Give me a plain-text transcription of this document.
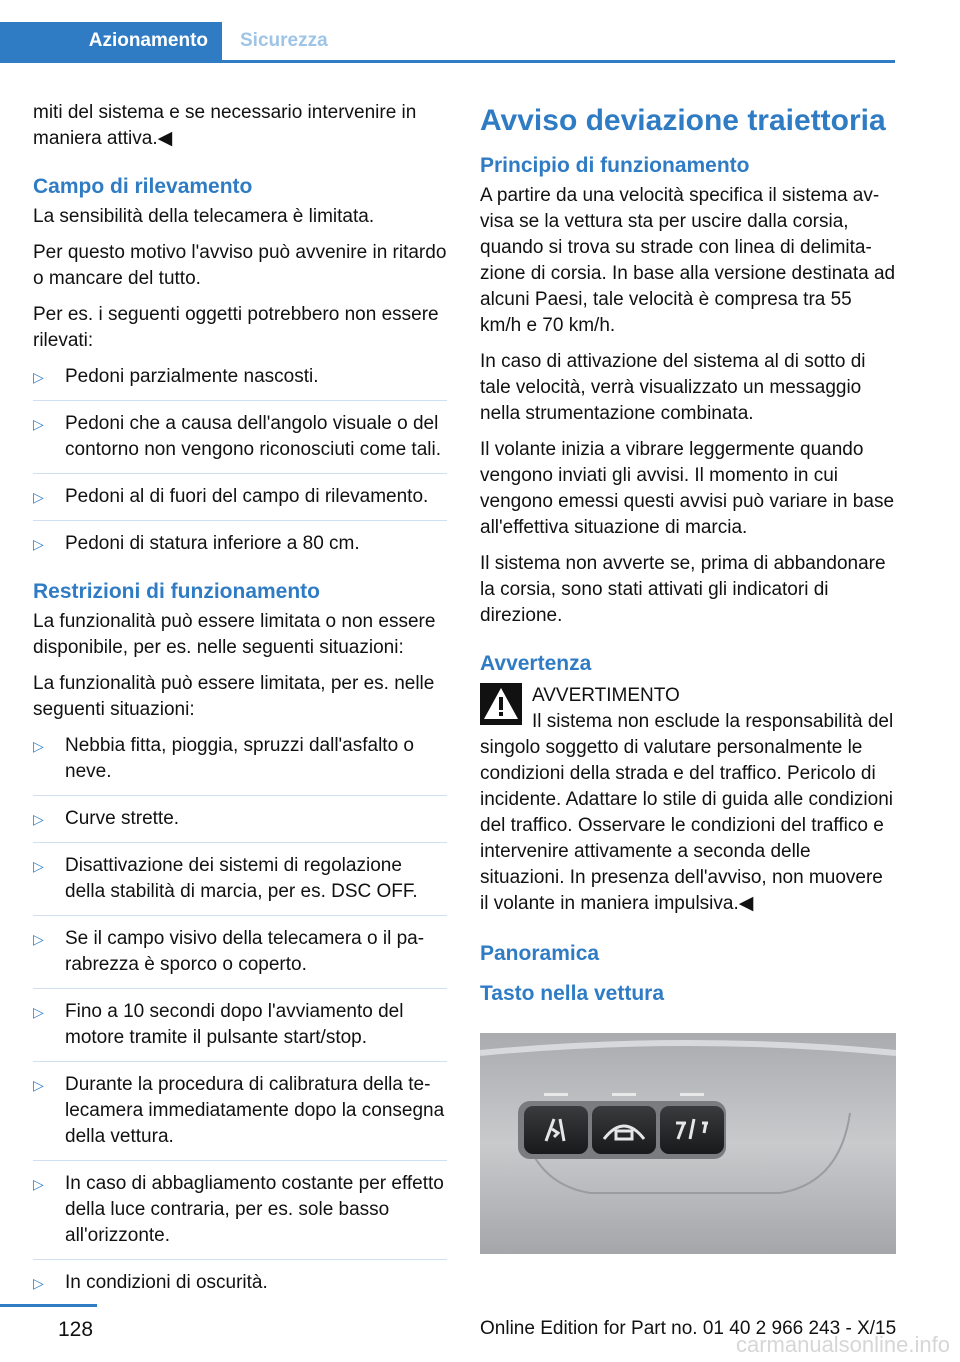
Azionamento	Sicurezza

miti del sistema e se necessario intervenire in maniera attiva.◀

Campo di rilevamento

La sensibilità della telecamera è limitata.

Per questo motivo l'avviso può avvenire in ritardo o mancare del tutto.

Per es. i seguenti oggetti potrebbero non essere rilevati:

▷ Pedoni parzialmente nascosti.
▷ Pedoni che a causa dell'angolo visuale o del contorno non vengono riconosciuti come tali.
▷ Pedoni al di fuori del campo di rilevamento.
▷ Pedoni di statura inferiore a 80 cm.
Restrizioni di funzionamento

La funzionalità può essere limitata o non essere disponibile, per es. nelle seguenti situazioni:

La funzionalità può essere limitata, per es. nelle seguenti situazioni:

▷ Nebbia fitta, pioggia, spruzzi dall'asfalto o neve.
▷ Curve strette.
▷ Disattivazione dei sistemi di regolazione della stabilità di marcia, per es. DSC OFF.
▷ Se il campo visivo della telecamera o il parabrezza è sporco o coperto.
▷ Fino a 10 secondi dopo l'avviamento del motore tramite il pulsante start/stop.
▷ Durante la procedura di calibratura della telecamera immediatamente dopo la consegna della vettura.
▷ In caso di abbagliamento costante per effetto della luce contraria, per es. sole basso all'orizzonte.
▷ In condizioni di oscurità.
Avviso deviazione traiettoria
Principio di funzionamento

A partire da una velocità specifica il sistema avvisa se la vettura sta per uscire dalla corsia, quando si trova su strade con linea di delimitazione di corsia. In base alla versione destinata ad alcuni Paesi, tale velocità è compresa tra 55 km/h e 70 km/h.

In caso di attivazione del sistema al di sotto di tale velocità, verrà visualizzato un messaggio nella strumentazione combinata.

Il volante inizia a vibrare leggermente quando vengono inviati gli avvisi. Il momento in cui vengono emessi questi avvisi può variare in base all'effettiva situazione di marcia.

Il sistema non avverte se, prima di abbandonare la corsia, sono stati attivati gli indicatori di direzione.

Avvertenza
AVVERTIMENTO
Il sistema non esclude la responsabilità del singolo soggetto di valutare personalmente le condizioni della strada e del traffico. Pericolo di incidente. Adattare lo stile di guida alle condizioni del traffico. Osservare le condizioni del traffico e intervenire attivamente a seconda delle situazioni. In presenza dell'avviso, non muovere il volante in maniera impulsiva.◀
Panoramica
Tasto nella vettura
128	Online Edition for Part no. 01 40 2 966 243 - X/15
carmanualsonline.info
